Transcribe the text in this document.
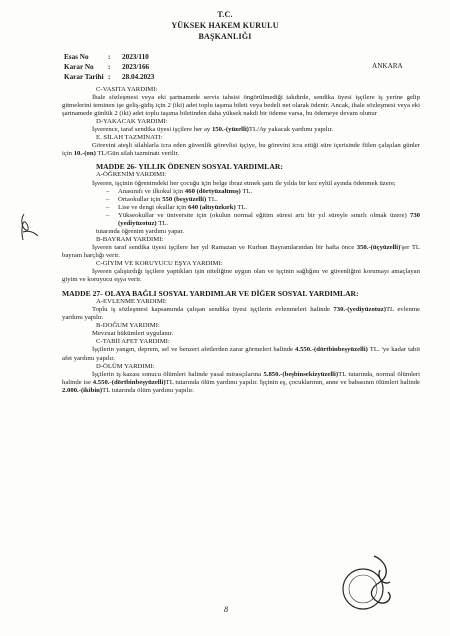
T.C.
YÜKSEK HAKEM KURULU
BAŞKANLIĞI
Esas No	: 2023/110
Karar No : 2023/166
Karar Tarihi : 28.04.2023
ANKARA

C-VASITA YARDIMI:

İhale sözleşmesi veya eki şartnamede servis tahsisi öngörülmediği takdirde, sendika üyesi işçilere iş yerine gelip gitmelerini teminen işe geliş-gidiş için 2 (iki) adet toplu taşıma bileti veya bedeli net olarak ödenir. Ancak, ihale sözleşmesi veya eki şartnamede günlük 2 (iki) adet toplu taşıma biletinden daha yüksek nakdi bir ödeme varsa, bu ödemeye devam olunur

D-YAKACAK YARDIMI:

İşverence, taraf sendika üyesi işçilere her ay 150.-(yüzelli)TL/Ay yakacak yardımı yapılır.

E. SİLAH TAZMİNATI:

Görevini ateşli silahlarla icra eden güvenlik görevlisi işçiye, bu görevini icra ettiği süre içerisinde fiilen çalışılan günler için 10.-(on) TL/Gün silah tazminatı verilir.

MADDE 26- YILLIK ÖDENEN SOSYAL YARDIMLAR:

A-ÖĞRENİM YARDIMI:

İşveren, işçinin öğrenimdeki her çocuğu için belge ibraz etmek şartı ile yılda bir kez eylül ayında ödenmek üzere;

– Anasınıfı ve ilkokul için 460 (dörtyüzaltmış) TL.
– Ortaokullar için 550 (beşyüzelli) TL.
– Lise ve dengi okullar için 640 (altıyüzkırk) TL.
– Yükseokullar ve üniversite için (okulun normal eğitim süresi artı bir yıl süreyle sınırlı olmak üzere) 730 (yediyüzotuz) TL.

tutarında öğrenim yardımı yapar.

B-BAYRAM YARDIMI:

İşveren taraf sendika üyesi işçilere her yıl Ramazan ve Kurban Bayramlarından bir hafta önce 350.-(üçyüzelli)'şer TL bayram harçlığı verir.

C-GİYİM VE KORUYUCU EŞYA YARDIMI:

İşveren çalıştırdığı işçilere yaptıkları işin niteliğine uygun olan ve işçinin sağlığını ve güvenliğini korumayı amaçlayan giyim ve koruyucu eşya verir.

MADDE 27- OLAYA BAĞLI SOSYAL YARDIMLAR VE DİĞER SOSYAL YARDIMLAR:

A-EVLENME YARDIMI:

Toplu iş sözleşmesi kapsamında çalışan sendika üyesi işçilerin evlenmeleri halinde 730.-(yediyüzotuz)TL evlenme yardımı yapılır.

B-DOĞUM YARDIMI:

Mevzuat hükümleri uygulanır.

C-TABİİ AFET YARDIMI:

İşçilerin yangın, deprem, sel ve benzeri afetlerden zarar görmeleri halinde 4.550.-(dörtbinbeşyüzelli) TL. 'ye kadar tabii afet yardımı yapılır.

D-ÖLÜM YARDIMI:

İşçilerin iş kazası sonucu ölümleri halinde yasal mirasçılarına 5.850.-(beşbinsekizyüzelli)TL tutarında, normal ölümleri halinde ise 4.550.-(dörtbinbeşyüzelli)TL tutarında ölüm yardımı yapılır. İşçinin eş, çocuklarının, anne ve babasının ölümleri halinde 2.000.-(ikibin)TL tutarında ölüm yardımı yapılır.

8
